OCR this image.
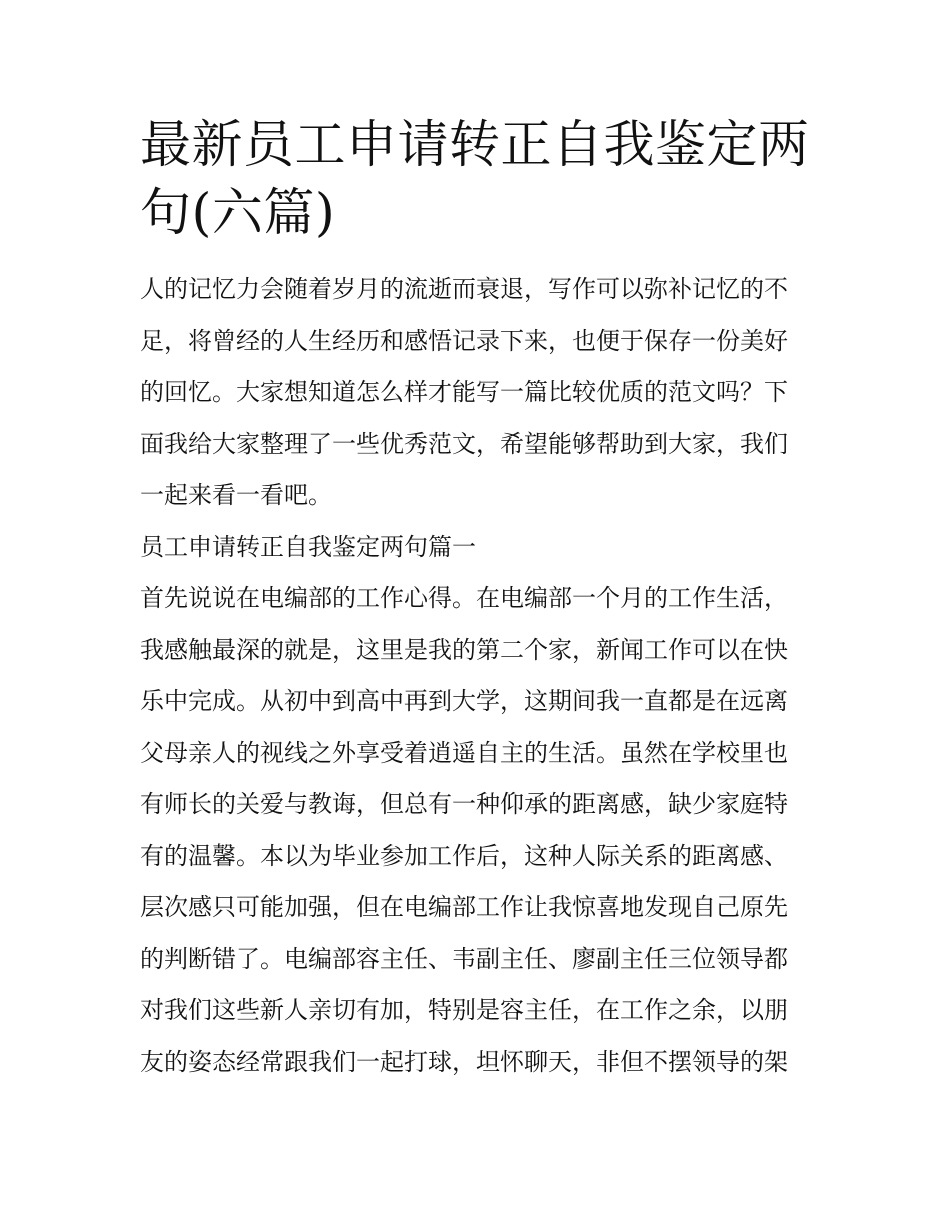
最新员工申请转正自我鉴定两
句(六篇)
人的记忆力会随着岁月的流逝而衰退，写作可以弥补记忆的不
足，将曾经的人生经历和感悟记录下来，也便于保存一份美好
的回忆。大家想知道怎么样才能写一篇比较优质的范文吗？下
面我给大家整理了一些优秀范文，希望能够帮助到大家，我们
一起来看一看吧。
员工申请转正自我鉴定两句篇一
首先说说在电编部的工作心得。在电编部一个月的工作生活，
我感触最深的就是，这里是我的第二个家，新闻工作可以在快
乐中完成。从初中到高中再到大学，这期间我一直都是在远离
父母亲人的视线之外享受着逍遥自主的生活。虽然在学校里也
有师长的关爱与教诲，但总有一种仰承的距离感，缺少家庭特
有的温馨。本以为毕业参加工作后，这种人际关系的距离感、
层次感只可能加强，但在电编部工作让我惊喜地发现自己原先
的判断错了。电编部容主任、韦副主任、廖副主任三位领导都
对我们这些新人亲切有加，特别是容主任，在工作之余，以朋
友的姿态经常跟我们一起打球，坦怀聊天，非但不摆领导的架
